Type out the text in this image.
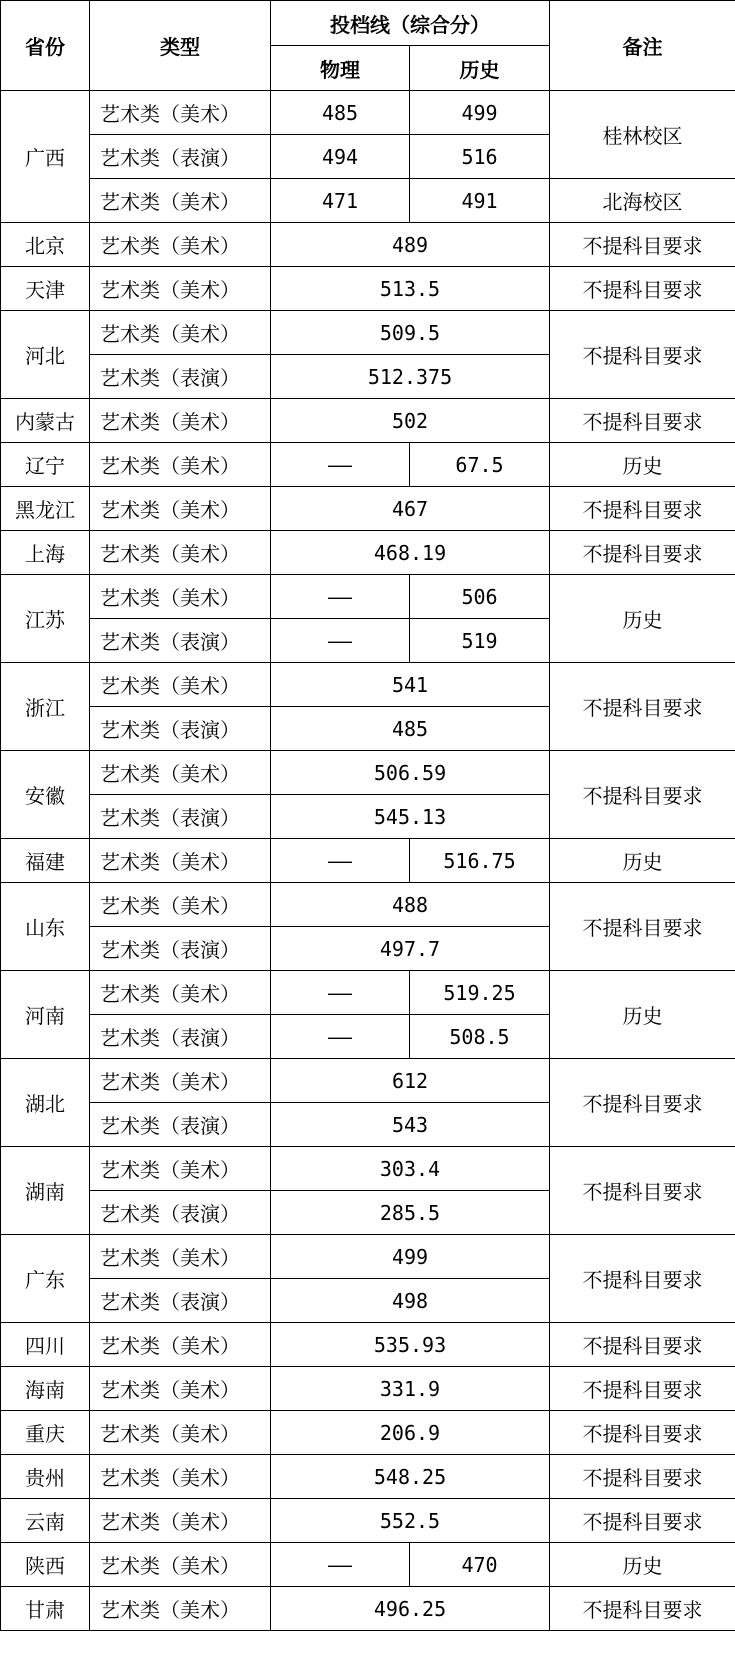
省份	类型	投档线（综合分）		备注
		物理	历史	
广西	艺术类（美术）	485	499	桂林校区
	艺术类（表演）	494	516	
	艺术类（美术）	471	491	北海校区
北京	艺术类（美术）	489		不提科目要求
天津	艺术类（美术）	513.5		不提科目要求
河北	艺术类（美术）	509.5		不提科目要求
	艺术类（表演）	512.375		
内蒙古	艺术类（美术）	502		不提科目要求
辽宁	艺术类（美术）	——	67.5	历史
黑龙江	艺术类（美术）	467		不提科目要求
上海	艺术类（美术）	468.19		不提科目要求
江苏	艺术类（美术）	——	506	历史
	艺术类（表演）	——	519	
浙江	艺术类（美术）	541		不提科目要求
	艺术类（表演）	485		
安徽	艺术类（美术）	506.59		不提科目要求
	艺术类（表演）	545.13		
福建	艺术类（美术）	——	516.75	历史
山东	艺术类（美术）	488		不提科目要求
	艺术类（表演）	497.7		
河南	艺术类（美术）	——	519.25	历史
	艺术类（表演）	——	508.5	
湖北	艺术类（美术）	612		不提科目要求
	艺术类（表演）	543		
湖南	艺术类（美术）	303.4		不提科目要求
	艺术类（表演）	285.5		
广东	艺术类（美术）	499		不提科目要求
	艺术类（表演）	498		
四川	艺术类（美术）	535.93		不提科目要求
海南	艺术类（美术）	331.9		不提科目要求
重庆	艺术类（美术）	206.9		不提科目要求
贵州	艺术类（美术）	548.25		不提科目要求
云南	艺术类（美术）	552.5		不提科目要求
陕西	艺术类（美术）	——	470	历史
甘肃	艺术类（美术）	496.25		不提科目要求
